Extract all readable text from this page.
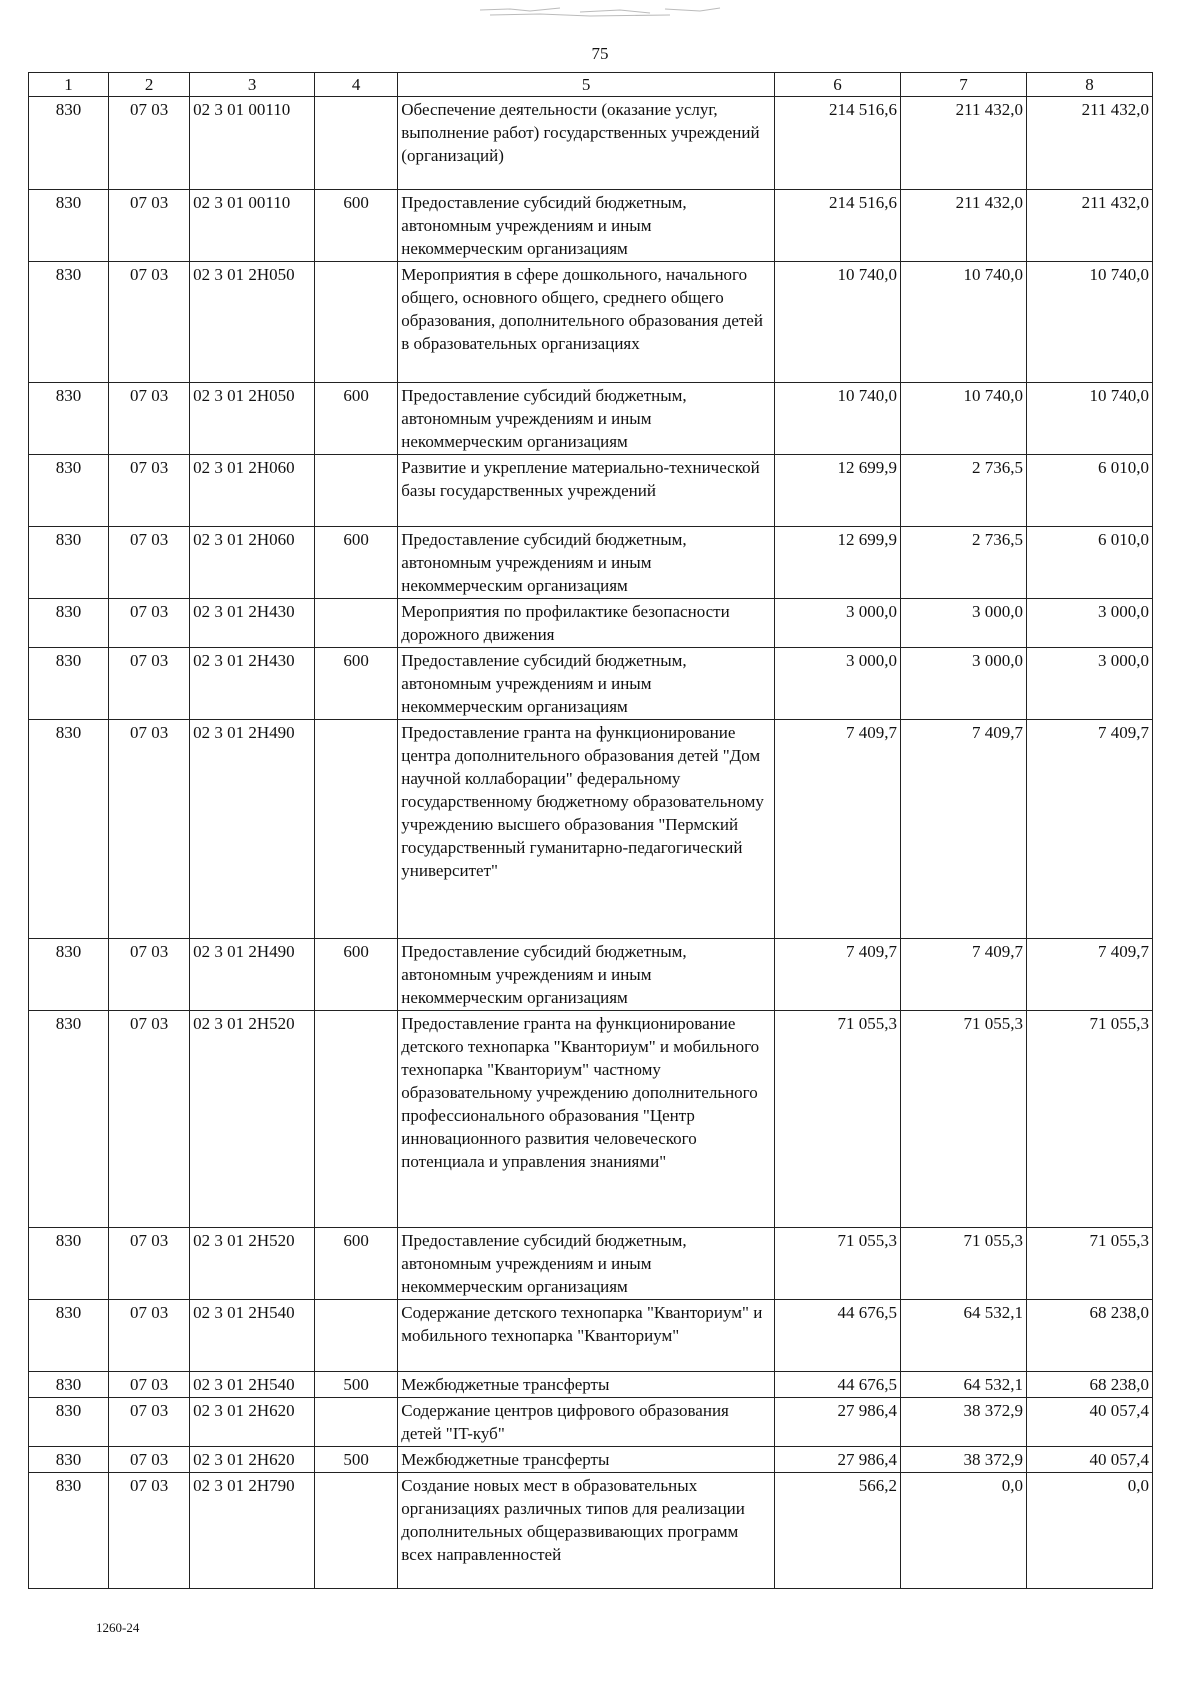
75
1	2	3	4	5	6	7	8
830	07 03	02 3 01 00110		Обеспечение деятельности (оказание услуг, выполнение работ) государственных учреждений (организаций)	214 516,6	211 432,0	211 432,0
830	07 03	02 3 01 00110	600	Предоставление субсидий бюджетным, автономным учреждениям и иным некоммерческим организациям	214 516,6	211 432,0	211 432,0
830	07 03	02 3 01 2Н050		Мероприятия в сфере дошкольного, начального общего, основного общего, среднего общего образования, дополнительного образования детей в образовательных организациях	10 740,0	10 740,0	10 740,0
830	07 03	02 3 01 2Н050	600	Предоставление субсидий бюджетным, автономным учреждениям и иным некоммерческим организациям	10 740,0	10 740,0	10 740,0
830	07 03	02 3 01 2Н060		Развитие и укрепление материально-технической базы государственных учреждений	12 699,9	2 736,5	6 010,0
830	07 03	02 3 01 2Н060	600	Предоставление субсидий бюджетным, автономным учреждениям и иным некоммерческим организациям	12 699,9	2 736,5	6 010,0
830	07 03	02 3 01 2Н430		Мероприятия по профилактике безопасности дорожного движения	3 000,0	3 000,0	3 000,0
830	07 03	02 3 01 2Н430	600	Предоставление субсидий бюджетным, автономным учреждениям и иным некоммерческим организациям	3 000,0	3 000,0	3 000,0
830	07 03	02 3 01 2Н490		Предоставление гранта на функционирование центра дополнительного образования детей "Дом научной коллаборации" федеральному государственному бюджетному образовательному учреждению высшего образования "Пермский государственный гуманитарно-педагогический университет"	7 409,7	7 409,7	7 409,7
830	07 03	02 3 01 2Н490	600	Предоставление субсидий бюджетным, автономным учреждениям и иным некоммерческим организациям	7 409,7	7 409,7	7 409,7
830	07 03	02 3 01 2Н520		Предоставление гранта на функционирование детского технопарка "Кванториум" и мобильного технопарка "Кванториум" частному образовательному учреждению дополнительного профессионального образования "Центр инновационного развития человеческого потенциала и управления знаниями"	71 055,3	71 055,3	71 055,3
830	07 03	02 3 01 2Н520	600	Предоставление субсидий бюджетным, автономным учреждениям и иным некоммерческим организациям	71 055,3	71 055,3	71 055,3
830	07 03	02 3 01 2Н540		Содержание детского технопарка "Кванториум" и мобильного технопарка "Кванториум"	44 676,5	64 532,1	68 238,0
830	07 03	02 3 01 2Н540	500	Межбюджетные трансферты	44 676,5	64 532,1	68 238,0
830	07 03	02 3 01 2Н620		Содержание центров цифрового образования детей "IT-куб"	27 986,4	38 372,9	40 057,4
830	07 03	02 3 01 2Н620	500	Межбюджетные трансферты	27 986,4	38 372,9	40 057,4
830	07 03	02 3 01 2Н790		Создание новых мест в образовательных организациях различных типов для реализации дополнительных общеразвивающих программ всех направленностей	566,2	0,0	0,0
1260-24
